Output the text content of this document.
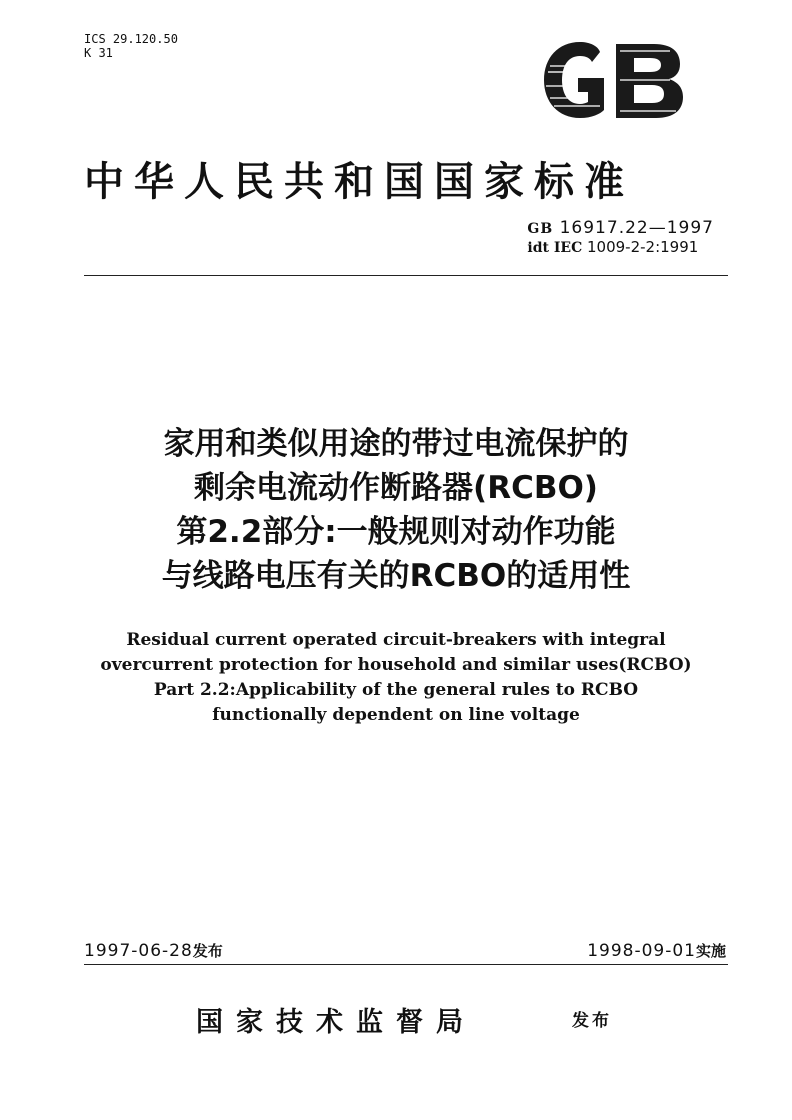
ICS 29.120.50
K 31
中华人民共和国国家标准
GB 16917.22—1997
idt IEC 1009-2-2:1991
家用和类似用途的带过电流保护的
剩余电流动作断路器(RCBO)
第2.2部分:一般规则对动作功能
与线路电压有关的RCBO的适用性
Residual current operated circuit-breakers with integral
overcurrent protection for household and similar uses(RCBO)
Part 2.2:Applicability of the general rules to RCBO
functionally dependent on line voltage
1997-06-28发布	1998-09-01实施
国家技术监督局	发布
